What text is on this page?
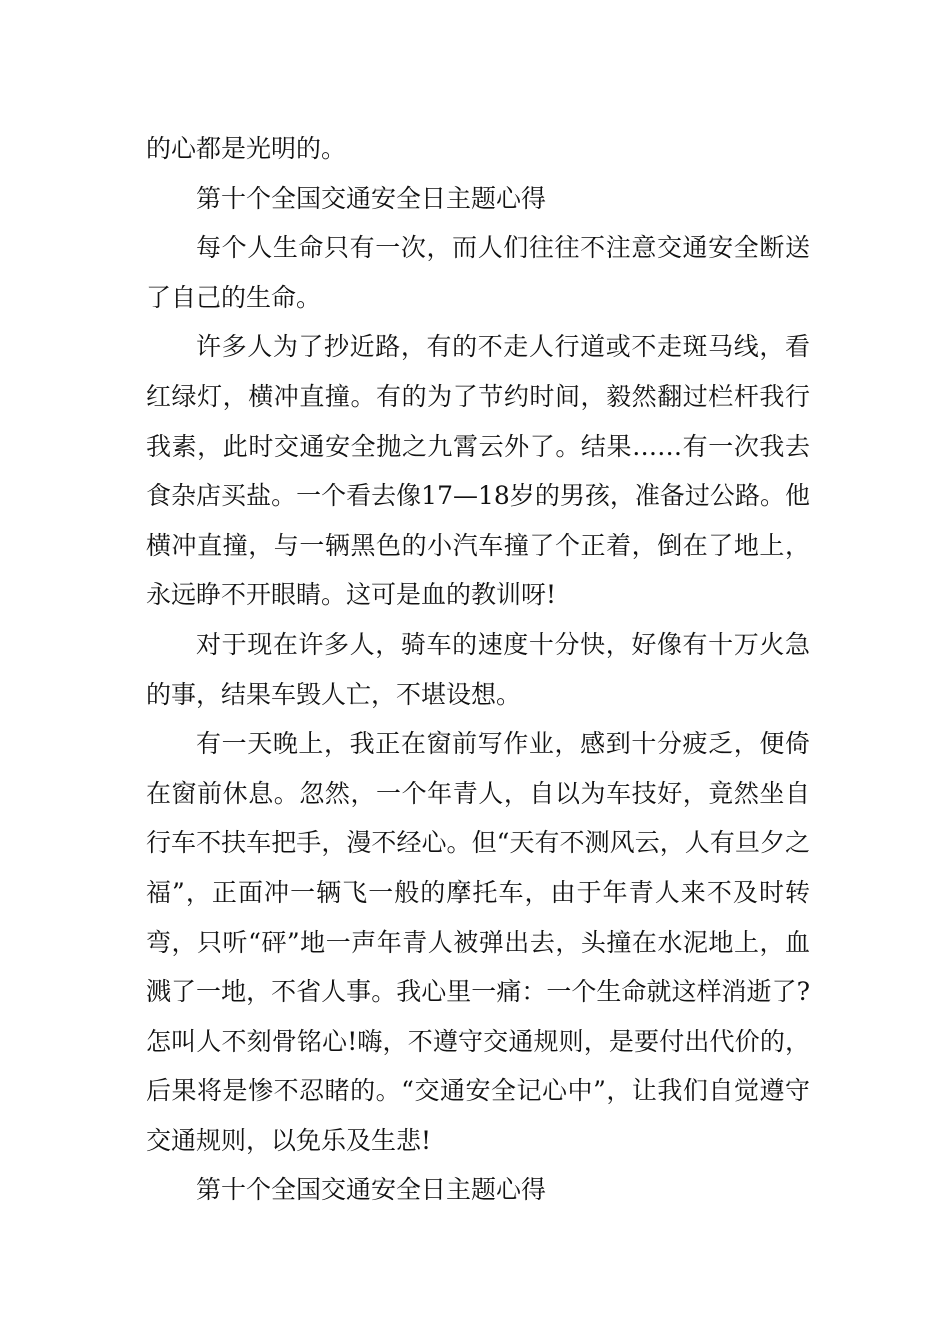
的心都是光明的。

第十个全国交通安全日主题心得

每个人生命只有一次，而人们往往不注意交通安全断送了自己的生命。

许多人为了抄近路，有的不走人行道或不走斑马线，看红绿灯，横冲直撞。有的为了节约时间，毅然翻过栏杆我行我素，此时交通安全抛之九霄云外了。结果……有一次我去食杂店买盐。一个看去像17—18岁的男孩，准备过公路。他横冲直撞，与一辆黑色的小汽车撞了个正着，倒在了地上，永远睁不开眼睛。这可是血的教训呀!

对于现在许多人，骑车的速度十分快，好像有十万火急的事，结果车毁人亡，不堪设想。

有一天晚上，我正在窗前写作业，感到十分疲乏，便倚在窗前休息。忽然，一个年青人，自以为车技好，竟然坐自行车不扶车把手，漫不经心。但“天有不测风云，人有旦夕之福”，正面冲一辆飞一般的摩托车，由于年青人来不及时转弯，只听“砰”地一声年青人被弹出去，头撞在水泥地上，血溅了一地，不省人事。我心里一痛：一个生命就这样消逝了?怎叫人不刻骨铭心!嗨，不遵守交通规则，是要付出代价的，后果将是惨不忍睹的。“交通安全记心中”，让我们自觉遵守交通规则，以免乐及生悲!

第十个全国交通安全日主题心得
